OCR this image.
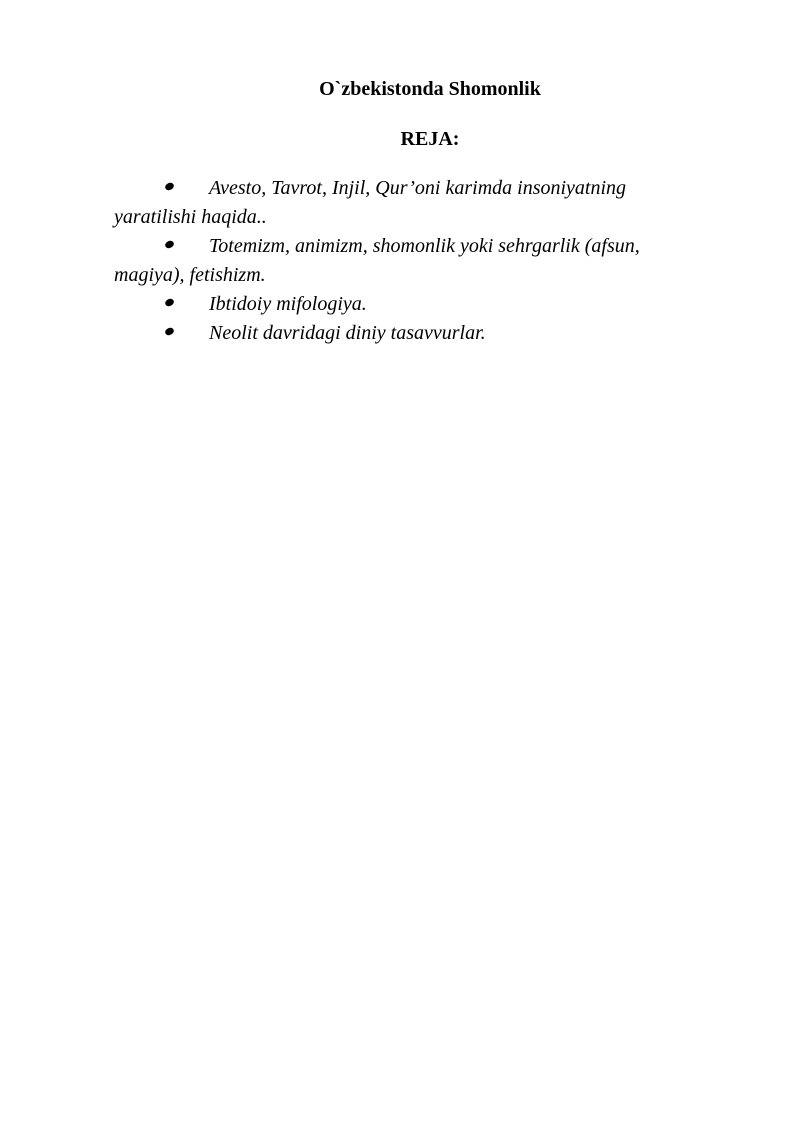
O`zbekistonda Shomonlik
REJA:
Avesto, Tavrot, Injil, Qur’oni karimda insoniyatning yaratilishi haqida..
Totemizm, animizm, shomonlik yoki sehrgarlik (afsun, magiya), fetishizm.
Ibtidoiy mifologiya.
Neolit davridagi diniy tasavvurlar.
